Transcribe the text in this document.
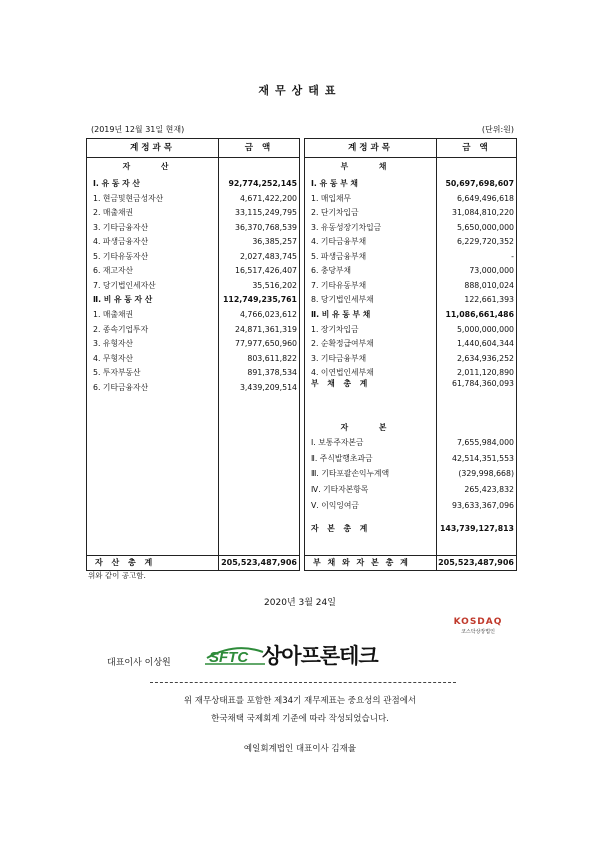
재무상태표
(2019년 12월 31일 현재)	(단위:원)
계정과목	금 액
자 산
Ⅰ. 유 동 자 산	92,774,252,145
1. 현금및현금성자산	4,671,422,200
2. 매출채권	33,115,249,795
3. 기타금융자산	36,370,768,539
4. 파생금융자산	36,385,257
5. 기타유동자산	2,027,483,745
6. 재고자산	16,517,426,407
7. 당기법인세자산	35,516,202
Ⅱ. 비 유 동 자 산	112,749,235,761
1. 매출채권	4,766,023,612
2. 종속기업투자	24,871,361,319
3. 유형자산	77,977,650,960
4. 무형자산	803,611,822
5. 투자부동산	891,378,534
6. 기타금융자산	3,439,209,514
자 산 총 계	205,523,487,906
계정과목	금 액
부 채
Ⅰ. 유 동 부 채	50,697,698,607
1. 매입채무	6,649,496,618
2. 단기차입금	31,084,810,220
3. 유동성장기차입금	5,650,000,000
4. 기타금융부채	6,229,720,352
5. 파생금융부채	-
6. 충당부채	73,000,000
7. 기타유동부채	888,010,024
8. 당기법인세부채	122,661,393
Ⅱ. 비 유 동 부 채	11,086,661,486
1. 장기차입금	5,000,000,000
2. 순확정급여부채	1,440,604,344
3. 기타금융부채	2,634,936,252
4. 이연법인세부채	2,011,120,890
부 채 총 계	61,784,360,093
자 본
Ⅰ. 보통주자본금	7,655,984,000
Ⅱ. 주식발행초과금	42,514,351,553
Ⅲ. 기타포괄손익누계액	(329,998,668)
Ⅳ. 기타자본항목	265,423,832
Ⅴ. 이익잉여금	93,633,367,096
자 본 총 계	143,739,127,813
부 채 와 자 본 총 계	205,523,487,906
위와 같이 공고함.
2020년 3월 24일
KOSDAQ
코스닥상장법인
대표이사 이상원	SFTC 상아프론테크
위 재무상태표를 포함한 제34기 재무제표는 중요성의 관점에서
한국채택 국제회계 기준에 따라 작성되었습니다.
예일회계법인 대표이사 김재율
